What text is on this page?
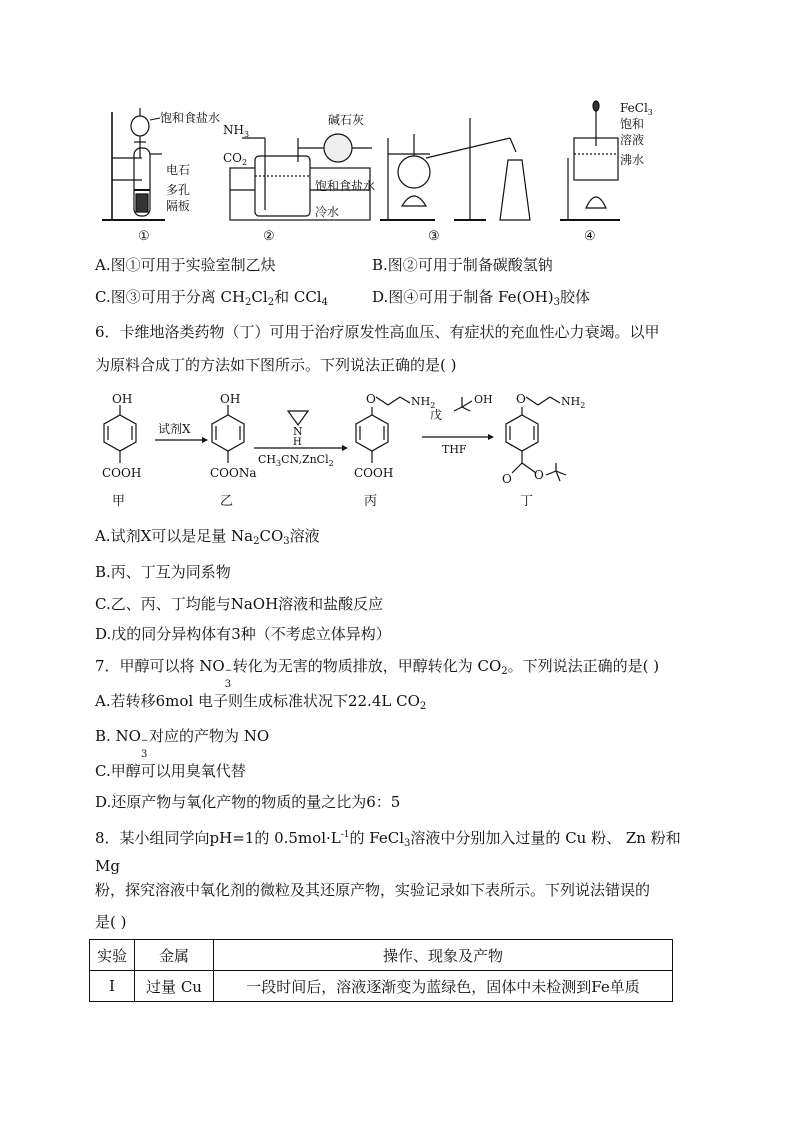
饱和食盐水
电石
多孔
隔板
①
$NH_3$
$CO_2$
碱石灰
饱和食盐水
冷水
②	③
FeCl$_3$
饱和
溶液
沸水
④
A.图①可用于实验室制乙炔	B.图②可用于制备碳酸氢钠
C.图③可用于分离 $CH_2Cl_2$和 CCl$_4$	D.图④可用于制备 $Fe(OH)_3$胶体
6．卡维地洛类药物（丁）可用于治疗原发性高血压、有症状的充血性心力衰竭。以甲
为原料合成丁的方法如下图所示。下列说法正确的是( )
OH
COOH
甲
试剂X
OH
COONa
乙
N
H
$CH_3CN,ZnCl_2$
O	$NH_2$
COOH
丙
戊
OH
THF
O	$NH_2$
O O
丁
A.试剂X可以是足量 $Na_2CO_3$溶液
B.丙、丁互为同系物
C.乙、丙、丁均能与NaOH溶液和盐酸反应
D.戊的同分异构体有3种（不考虑立体异构）
7．甲醇可以将 NO −
3
转化为无害的物质排放，甲醇转化为 $CO_2$。下列说法正确的是( )
A.若转移6mol 电子则生成标准状况下22.4L $CO_2$
B. NO −
3
对应的产物为 NO
C.甲醇可以用臭氧代替
D.还原产物与氧化产物的物质的量之比为6：5
8．某小组同学向pH=1的 $0.5mol\cdot L^{-1}$的 FeCl$_3$溶液中分别加入过量的 Cu 粉、 Zn 粉和
Mg
粉，探究溶液中氧化剂的微粒及其还原产物，实验记录如下表所示。下列说法错误的
是( )
实验	金属	操作、现象及产物
I	过量 Cu	一段时间后，溶液逐渐变为蓝绿色，固体中未检测到Fe单质
